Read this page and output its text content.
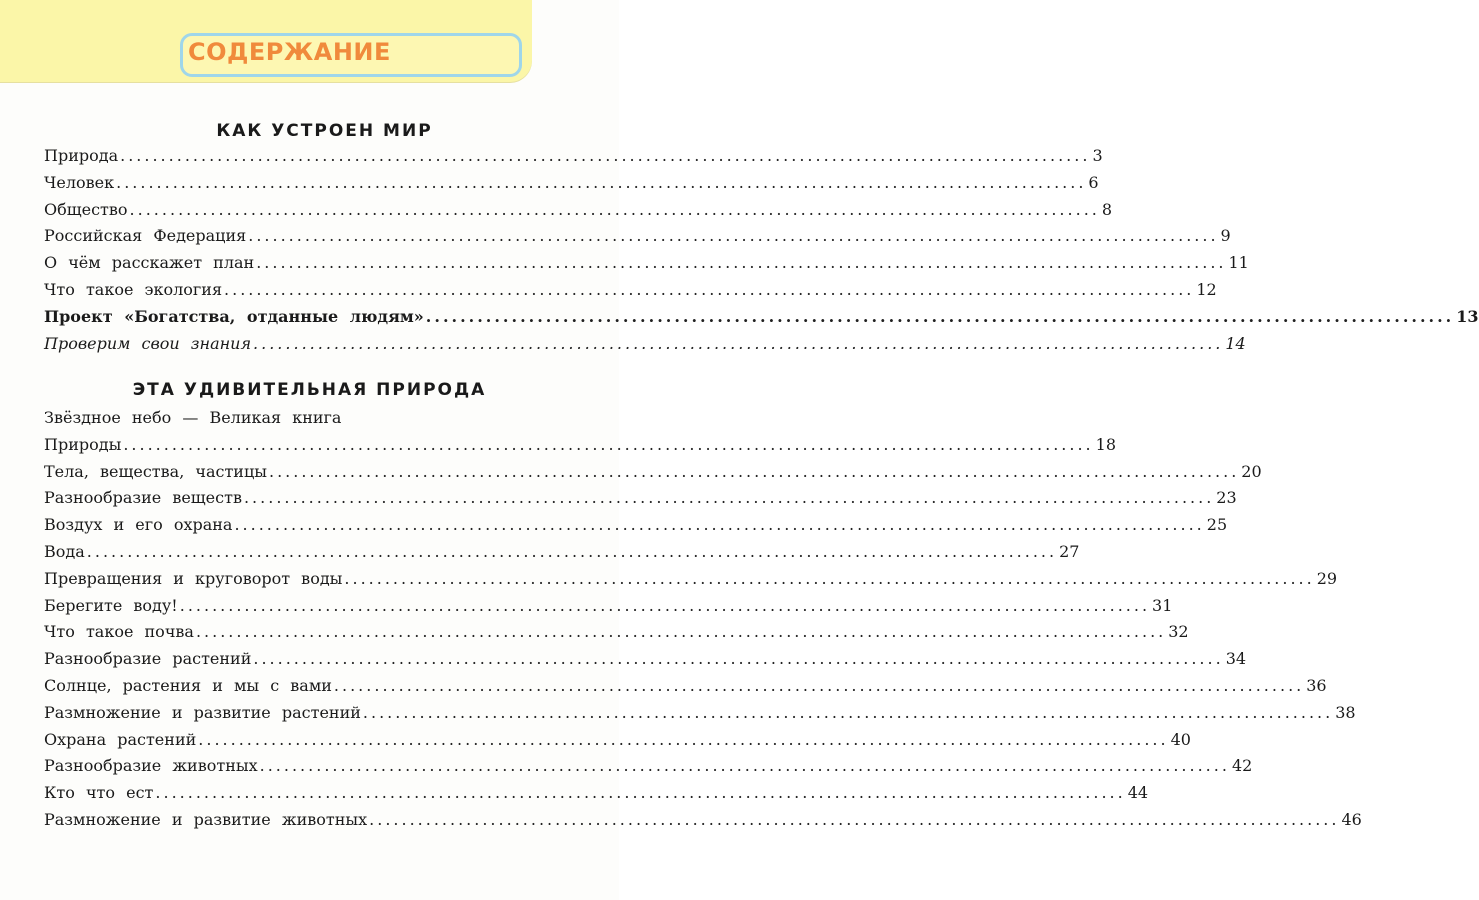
СОДЕРЖАНИЕ
КАК УСТРОЕН МИР
Природа ........................................................................................................................ 3
Человек ........................................................................................................................ 6
Общество ........................................................................................................................ 8
Российская Федерация ........................................................................................................................ 9
О чём расскажет план ........................................................................................................................ 11
Что такое экология ........................................................................................................................ 12
Проект «Богатства, отданные людям» ........................................................................................................................ 13
Проверим свои знания ........................................................................................................................ 14
ЭТА УДИВИТЕЛЬНАЯ ПРИРОДА
Звёздное небо — Великая книга
Природы ........................................................................................................................ 18
Тела, вещества, частицы ........................................................................................................................ 20
Разнообразие веществ ........................................................................................................................ 23
Воздух и его охрана ........................................................................................................................ 25
Вода ........................................................................................................................ 27
Превращения и круговорот воды ........................................................................................................................ 29
Берегите воду! ........................................................................................................................ 31
Что такое почва ........................................................................................................................ 32
Разнообразие растений ........................................................................................................................ 34
Солнце, растения и мы с вами ........................................................................................................................ 36
Размножение и развитие растений ........................................................................................................................ 38
Охрана растений ........................................................................................................................ 40
Разнообразие животных ........................................................................................................................ 42
Кто что ест ........................................................................................................................ 44
Размножение и развитие животных ........................................................................................................................ 46
